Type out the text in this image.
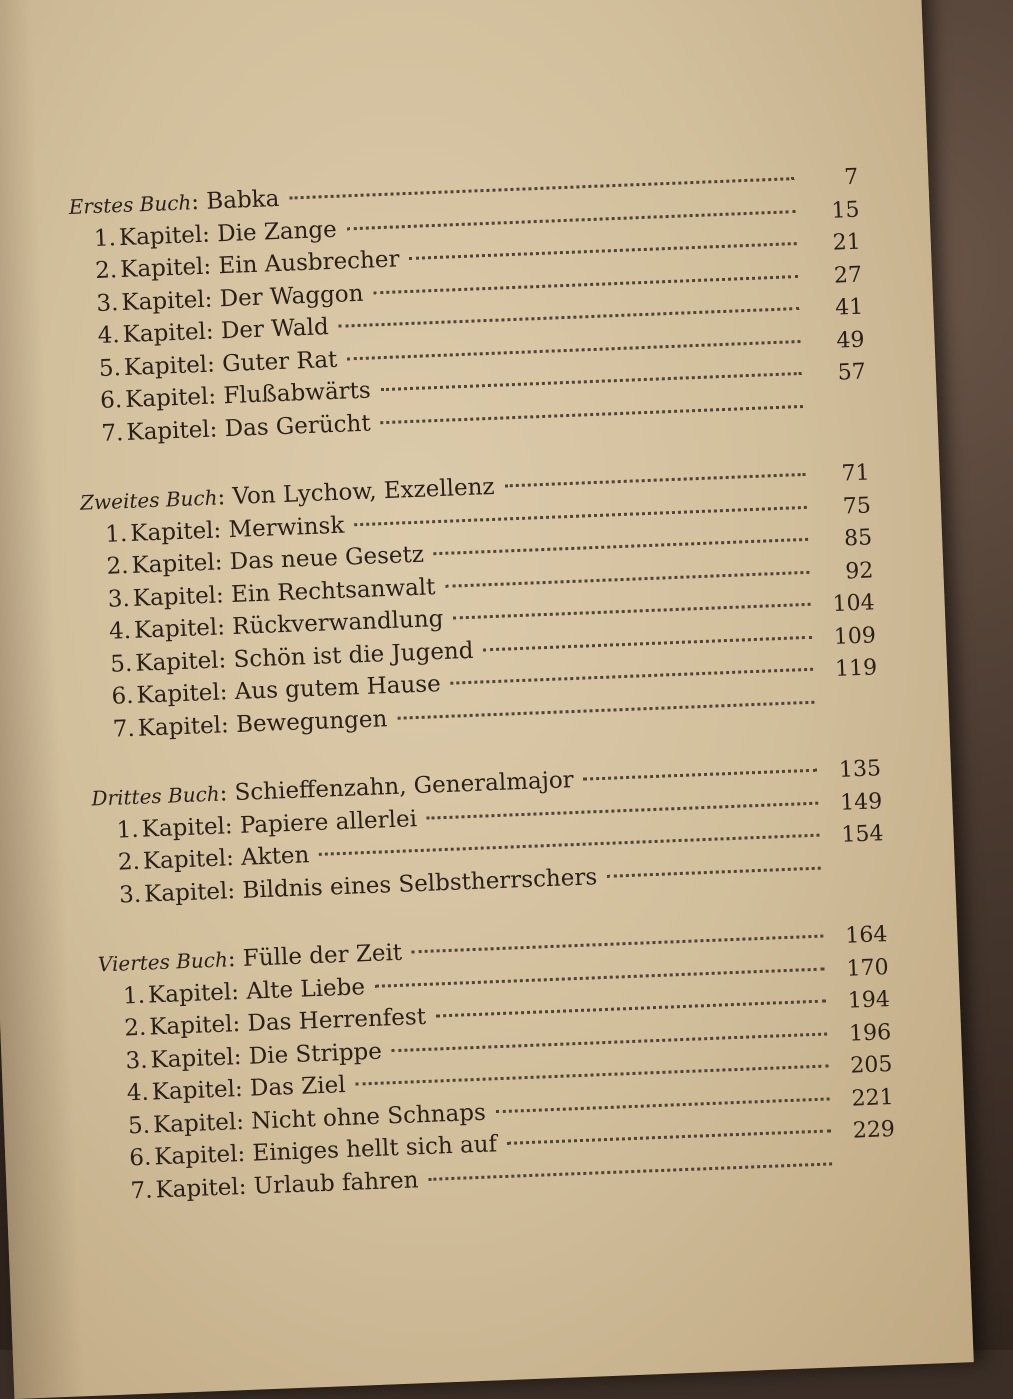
Erstes Buch: Babka
7
1.Kapitel: Die Zange
15
2.Kapitel: Ein Ausbrecher
21
3.Kapitel: Der Waggon
27
4.Kapitel: Der Wald
41
5.Kapitel: Guter Rat
49
6.Kapitel: Flußabwärts
57
7.Kapitel: Das Gerücht
Zweites Buch: Von Lychow, Exzellenz
71
1.Kapitel: Merwinsk
75
2.Kapitel: Das neue Gesetz
85
3.Kapitel: Ein Rechtsanwalt
92
4.Kapitel: Rückverwandlung
104
5.Kapitel: Schön ist die Jugend
109
6.Kapitel: Aus gutem Hause
119
7.Kapitel: Bewegungen
Drittes Buch: Schieffenzahn, Generalmajor	135
1.Kapitel: Papiere allerlei
149
2.Kapitel: Akten
154
3.Kapitel: Bildnis eines Selbstherrschers
Viertes Buch: Fülle der Zeit
164
1.Kapitel: Alte Liebe
170
2.Kapitel: Das Herrenfest
194
3.Kapitel: Die Strippe
196
4.Kapitel: Das Ziel
205
5.Kapitel: Nicht ohne Schnaps
221
6.Kapitel: Einiges hellt sich auf
229
7.Kapitel: Urlaub fahren
